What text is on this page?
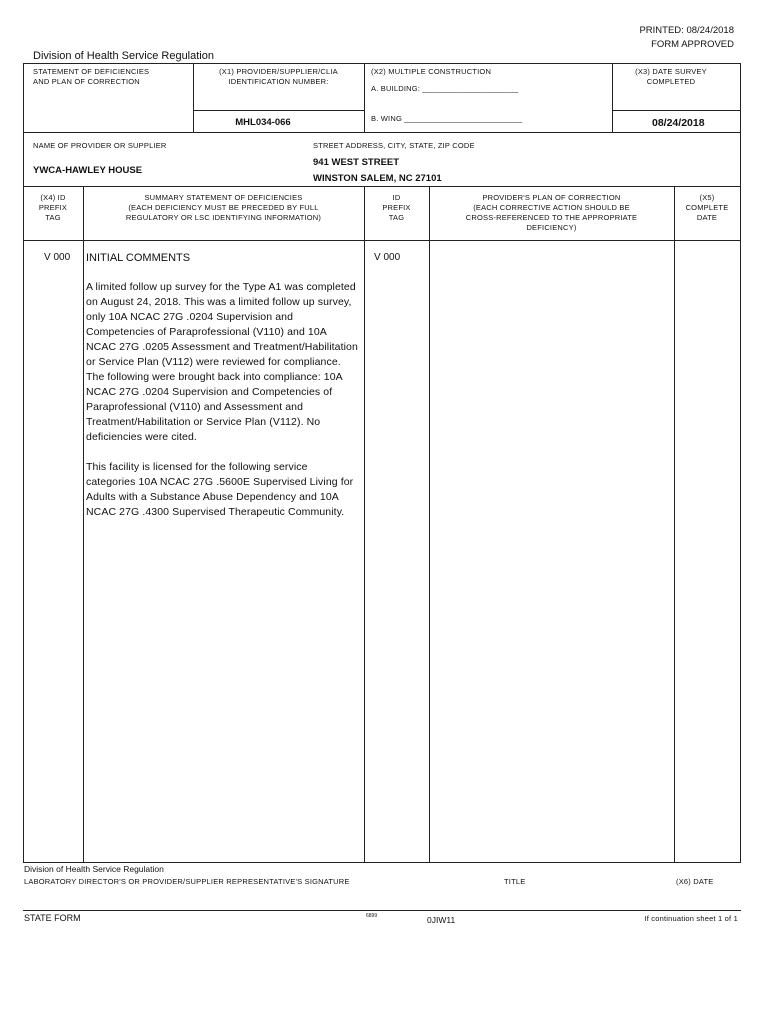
PRINTED: 08/24/2018
FORM APPROVED
Division of Health Service Regulation
STATEMENT OF DEFICIENCIES
AND PLAN OF CORRECTION
(X1) PROVIDER/SUPPLIER/CLIA
IDENTIFICATION NUMBER:
MHL034-066
(X2) MULTIPLE CONSTRUCTION
A. BUILDING: ______________________
B. WING ___________________________
(X3) DATE SURVEY
COMPLETED
08/24/2018
NAME OF PROVIDER OR SUPPLIER
YWCA-HAWLEY HOUSE
STREET ADDRESS, CITY, STATE, ZIP CODE
941 WEST STREET
WINSTON SALEM, NC 27101
(X4) ID
PREFIX
TAG
SUMMARY STATEMENT OF DEFICIENCIES
(EACH DEFICIENCY MUST BE PRECEDED BY FULL
REGULATORY OR LSC IDENTIFYING INFORMATION)
ID
PREFIX
TAG
PROVIDER'S PLAN OF CORRECTION
(EACH CORRECTIVE ACTION SHOULD BE
CROSS-REFERENCED TO THE APPROPRIATE
DEFICIENCY)
(X5)
COMPLETE
DATE
V 000 INITIAL COMMENTS	V 000

A limited follow up survey for the Type A1 was completed on August 24, 2018. This was a limited follow up survey, only 10A NCAC 27G .0204 Supervision and Competencies of Paraprofessional (V110) and 10A NCAC 27G .0205 Assessment and Treatment/Habilitation or Service Plan (V112) were reviewed for compliance. The following were brought back into compliance: 10A NCAC 27G .0204 Supervision and Competencies of Paraprofessional (V110) and Assessment and Treatment/Habilitation or Service Plan (V112). No deficiencies were cited.

This facility is licensed for the following service categories 10A NCAC 27G .5600E Supervised Living for Adults with a Substance Abuse Dependency and 10A NCAC 27G .4300 Supervised Therapeutic Community.

Division of Health Service Regulation
LABORATORY DIRECTOR'S OR PROVIDER/SUPPLIER REPRESENTATIVE'S SIGNATURE	TITLE	(X6) DATE
STATE FORM	6899	0JIW11	If continuation sheet 1 of 1
